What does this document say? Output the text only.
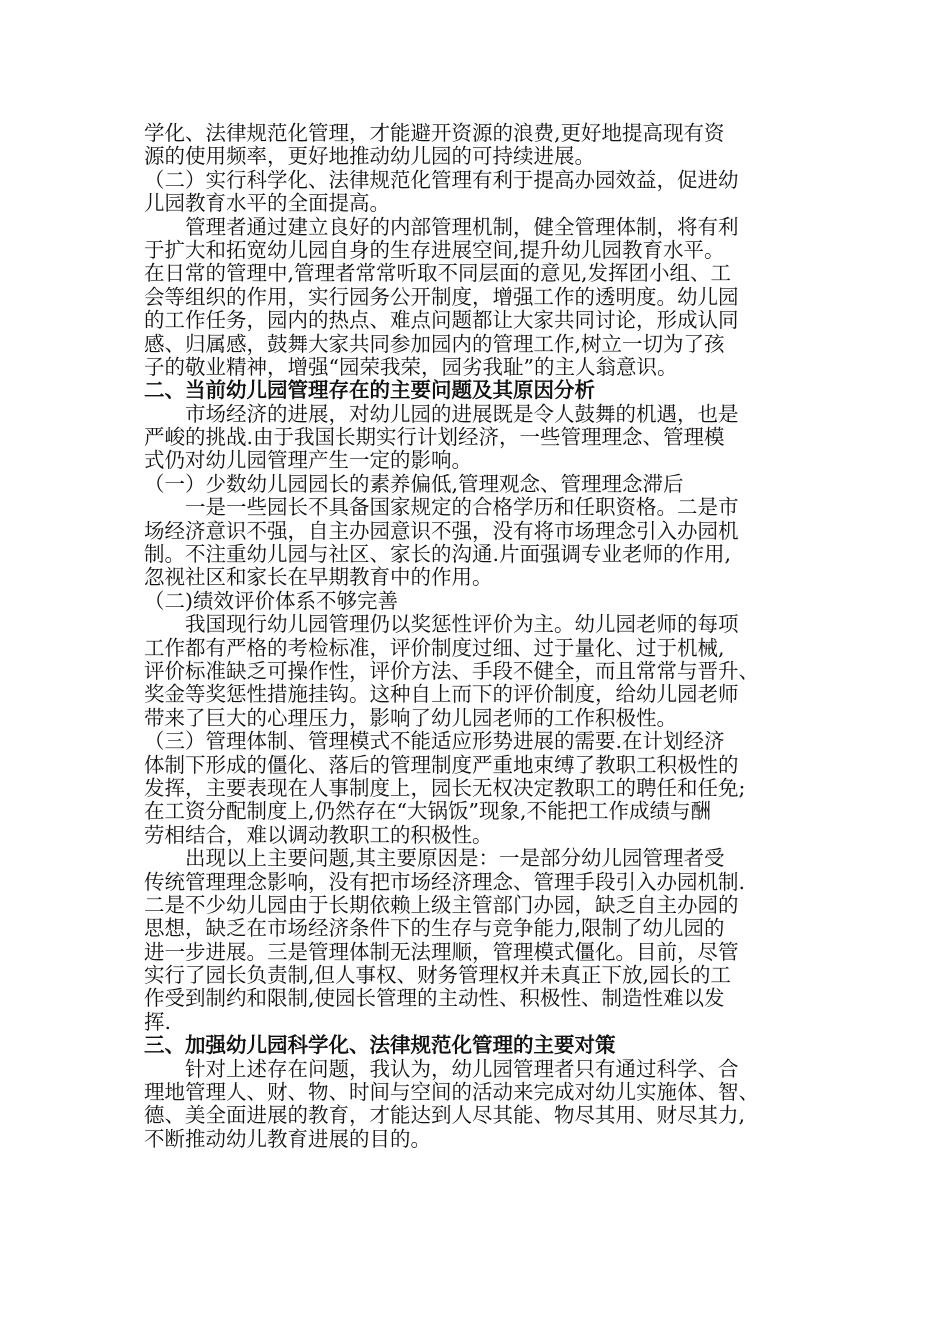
学化、法律规范化管理，才能避开资源的浪费,更好地提高现有资
源的使用频率，更好地推动幼儿园的可持续进展。
（二）实行科学化、法律规范化管理有利于提高办园效益，促进幼
儿园教育水平的全面提高。
管理者通过建立良好的内部管理机制，健全管理体制，将有利
于扩大和拓宽幼儿园自身的生存进展空间,提升幼儿园教育水平。
在日常的管理中,管理者常常听取不同层面的意见,发挥团小组、工
会等组织的作用，实行园务公开制度，增强工作的透明度。幼儿园
的工作任务，园内的热点、难点问题都让大家共同讨论，形成认同
感、归属感，鼓舞大家共同参加园内的管理工作,树立一切为了孩
子的敬业精神，增强“园荣我荣，园劣我耻”的主人翁意识。
二、当前幼儿园管理存在的主要问题及其原因分析
市场经济的进展，对幼儿园的进展既是令人鼓舞的机遇，也是
严峻的挑战.由于我国长期实行计划经济，一些管理理念、管理模
式仍对幼儿园管理产生一定的影响。
（一）少数幼儿园园长的素养偏低,管理观念、管理理念滞后
一是一些园长不具备国家规定的合格学历和任职资格。二是市
场经济意识不强，自主办园意识不强，没有将市场理念引入办园机
制。不注重幼儿园与社区、家长的沟通.片面强调专业老师的作用,
忽视社区和家长在早期教育中的作用。
（二)绩效评价体系不够完善
我国现行幼儿园管理仍以奖惩性评价为主。幼儿园老师的每项
工作都有严格的考检标准，评价制度过细、过于量化、过于机械,
评价标准缺乏可操作性，评价方法、手段不健全，而且常常与晋升、
奖金等奖惩性措施挂钩。这种自上而下的评价制度，给幼儿园老师
带来了巨大的心理压力，影响了幼儿园老师的工作积极性。
（三）管理体制、管理模式不能适应形势进展的需要.在计划经济
体制下形成的僵化、落后的管理制度严重地束缚了教职工积极性的
发挥，主要表现在人事制度上，园长无权决定教职工的聘任和任免;
在工资分配制度上,仍然存在“大锅饭”现象,不能把工作成绩与酬
劳相结合，难以调动教职工的积极性。
出现以上主要问题,其主要原因是：一是部分幼儿园管理者受
传统管理理念影响，没有把市场经济理念、管理手段引入办园机制.
二是不少幼儿园由于长期依赖上级主管部门办园，缺乏自主办园的
思想，缺乏在市场经济条件下的生存与竞争能力,限制了幼儿园的
进一步进展。三是管理体制无法理顺，管理模式僵化。目前，尽管
实行了园长负责制,但人事权、财务管理权并未真正下放,园长的工
作受到制约和限制,使园长管理的主动性、积极性、制造性难以发
挥.
三、加强幼儿园科学化、法律规范化管理的主要对策
针对上述存在问题，我认为，幼儿园管理者只有通过科学、合
理地管理人、财、物、时间与空间的活动来完成对幼儿实施体、智、
德、美全面进展的教育，才能达到人尽其能、物尽其用、财尽其力,
不断推动幼儿教育进展的目的。
